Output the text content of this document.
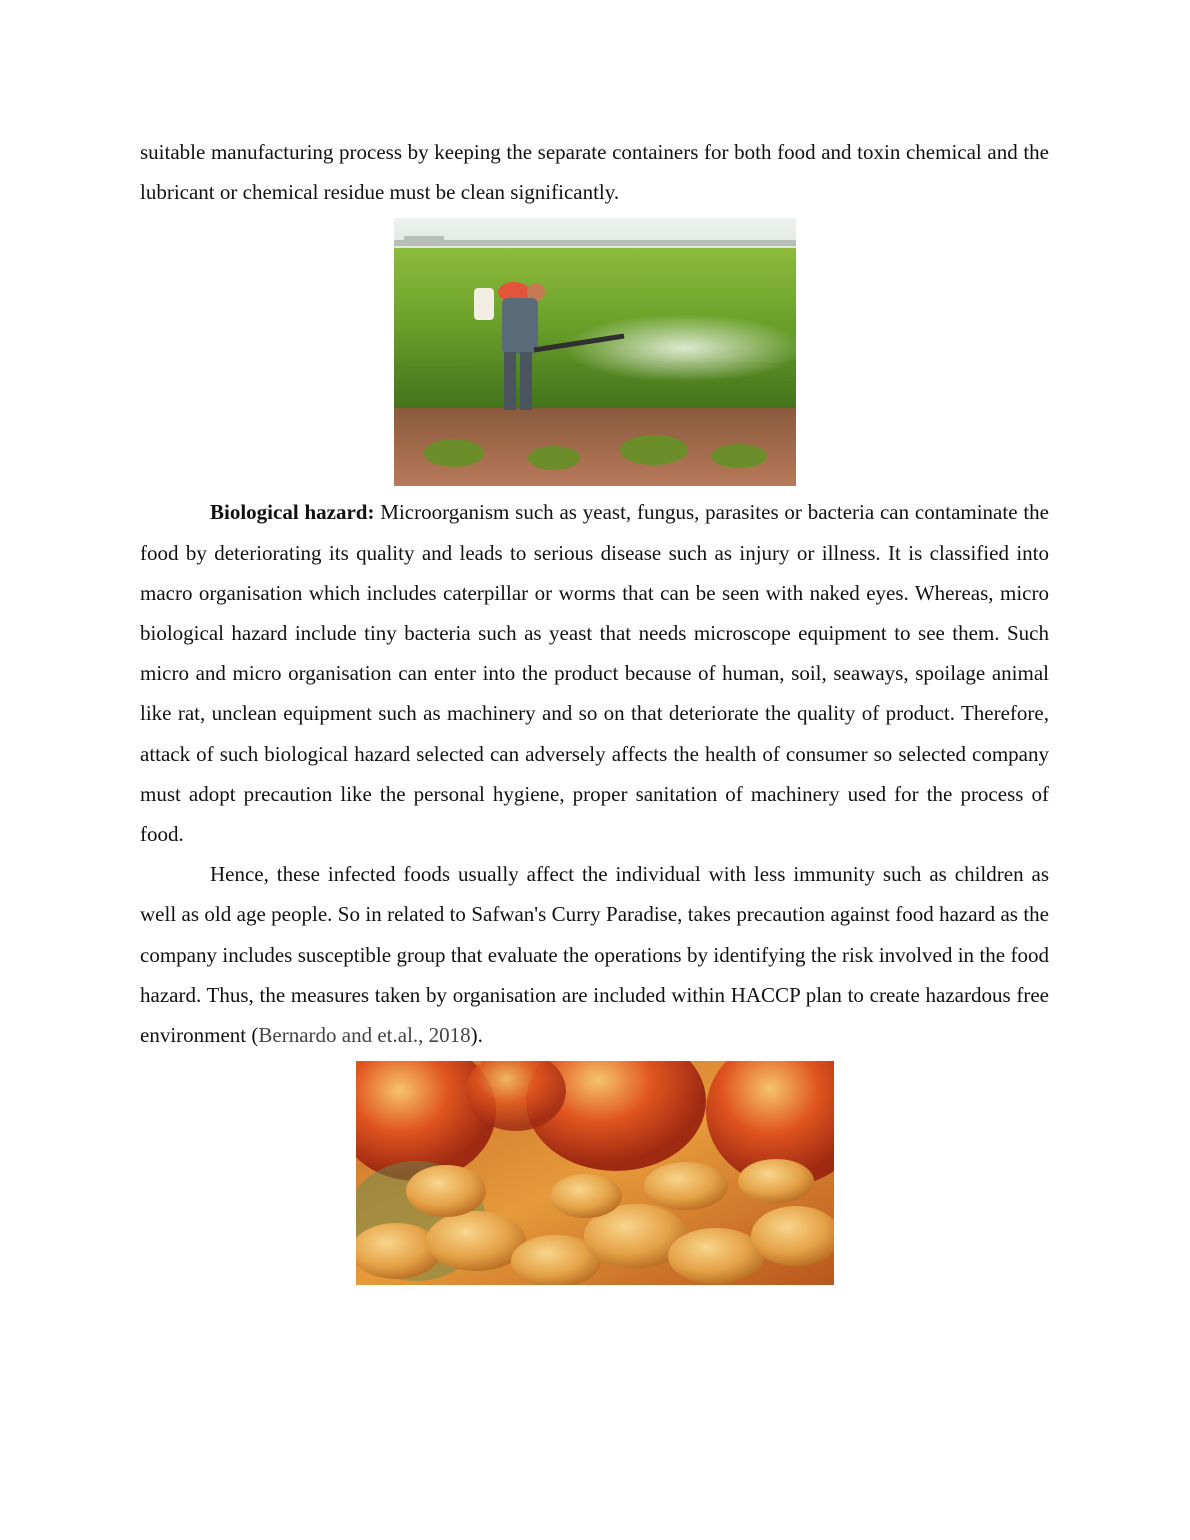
suitable manufacturing process by keeping the separate containers for both food and toxin chemical and the lubricant or chemical residue must be clean significantly.

Biological hazard: Microorganism such as yeast, fungus, parasites or bacteria can contaminate the food by deteriorating its quality and leads to serious disease such as injury or illness. It is classified into macro organisation which includes caterpillar or worms that can be seen with naked eyes. Whereas, micro biological hazard include tiny bacteria such as yeast that needs microscope equipment to see them. Such micro and micro organisation can enter into the product because of human, soil, seaways, spoilage animal like rat, unclean equipment such as machinery and so on that deteriorate the quality of product. Therefore, attack of such biological hazard selected can adversely affects the health of consumer so selected company must adopt precaution like the personal hygiene, proper sanitation of machinery used for the process of food.

Hence, these infected foods usually affect the individual with less immunity such as children as well as old age people. So in related to Safwan's Curry Paradise, takes precaution against food hazard as the company includes susceptible group that evaluate the operations by identifying the risk involved in the food hazard. Thus, the measures taken by organisation are included within HACCP plan to create hazardous free environment (Bernardo and et.al., 2018).
